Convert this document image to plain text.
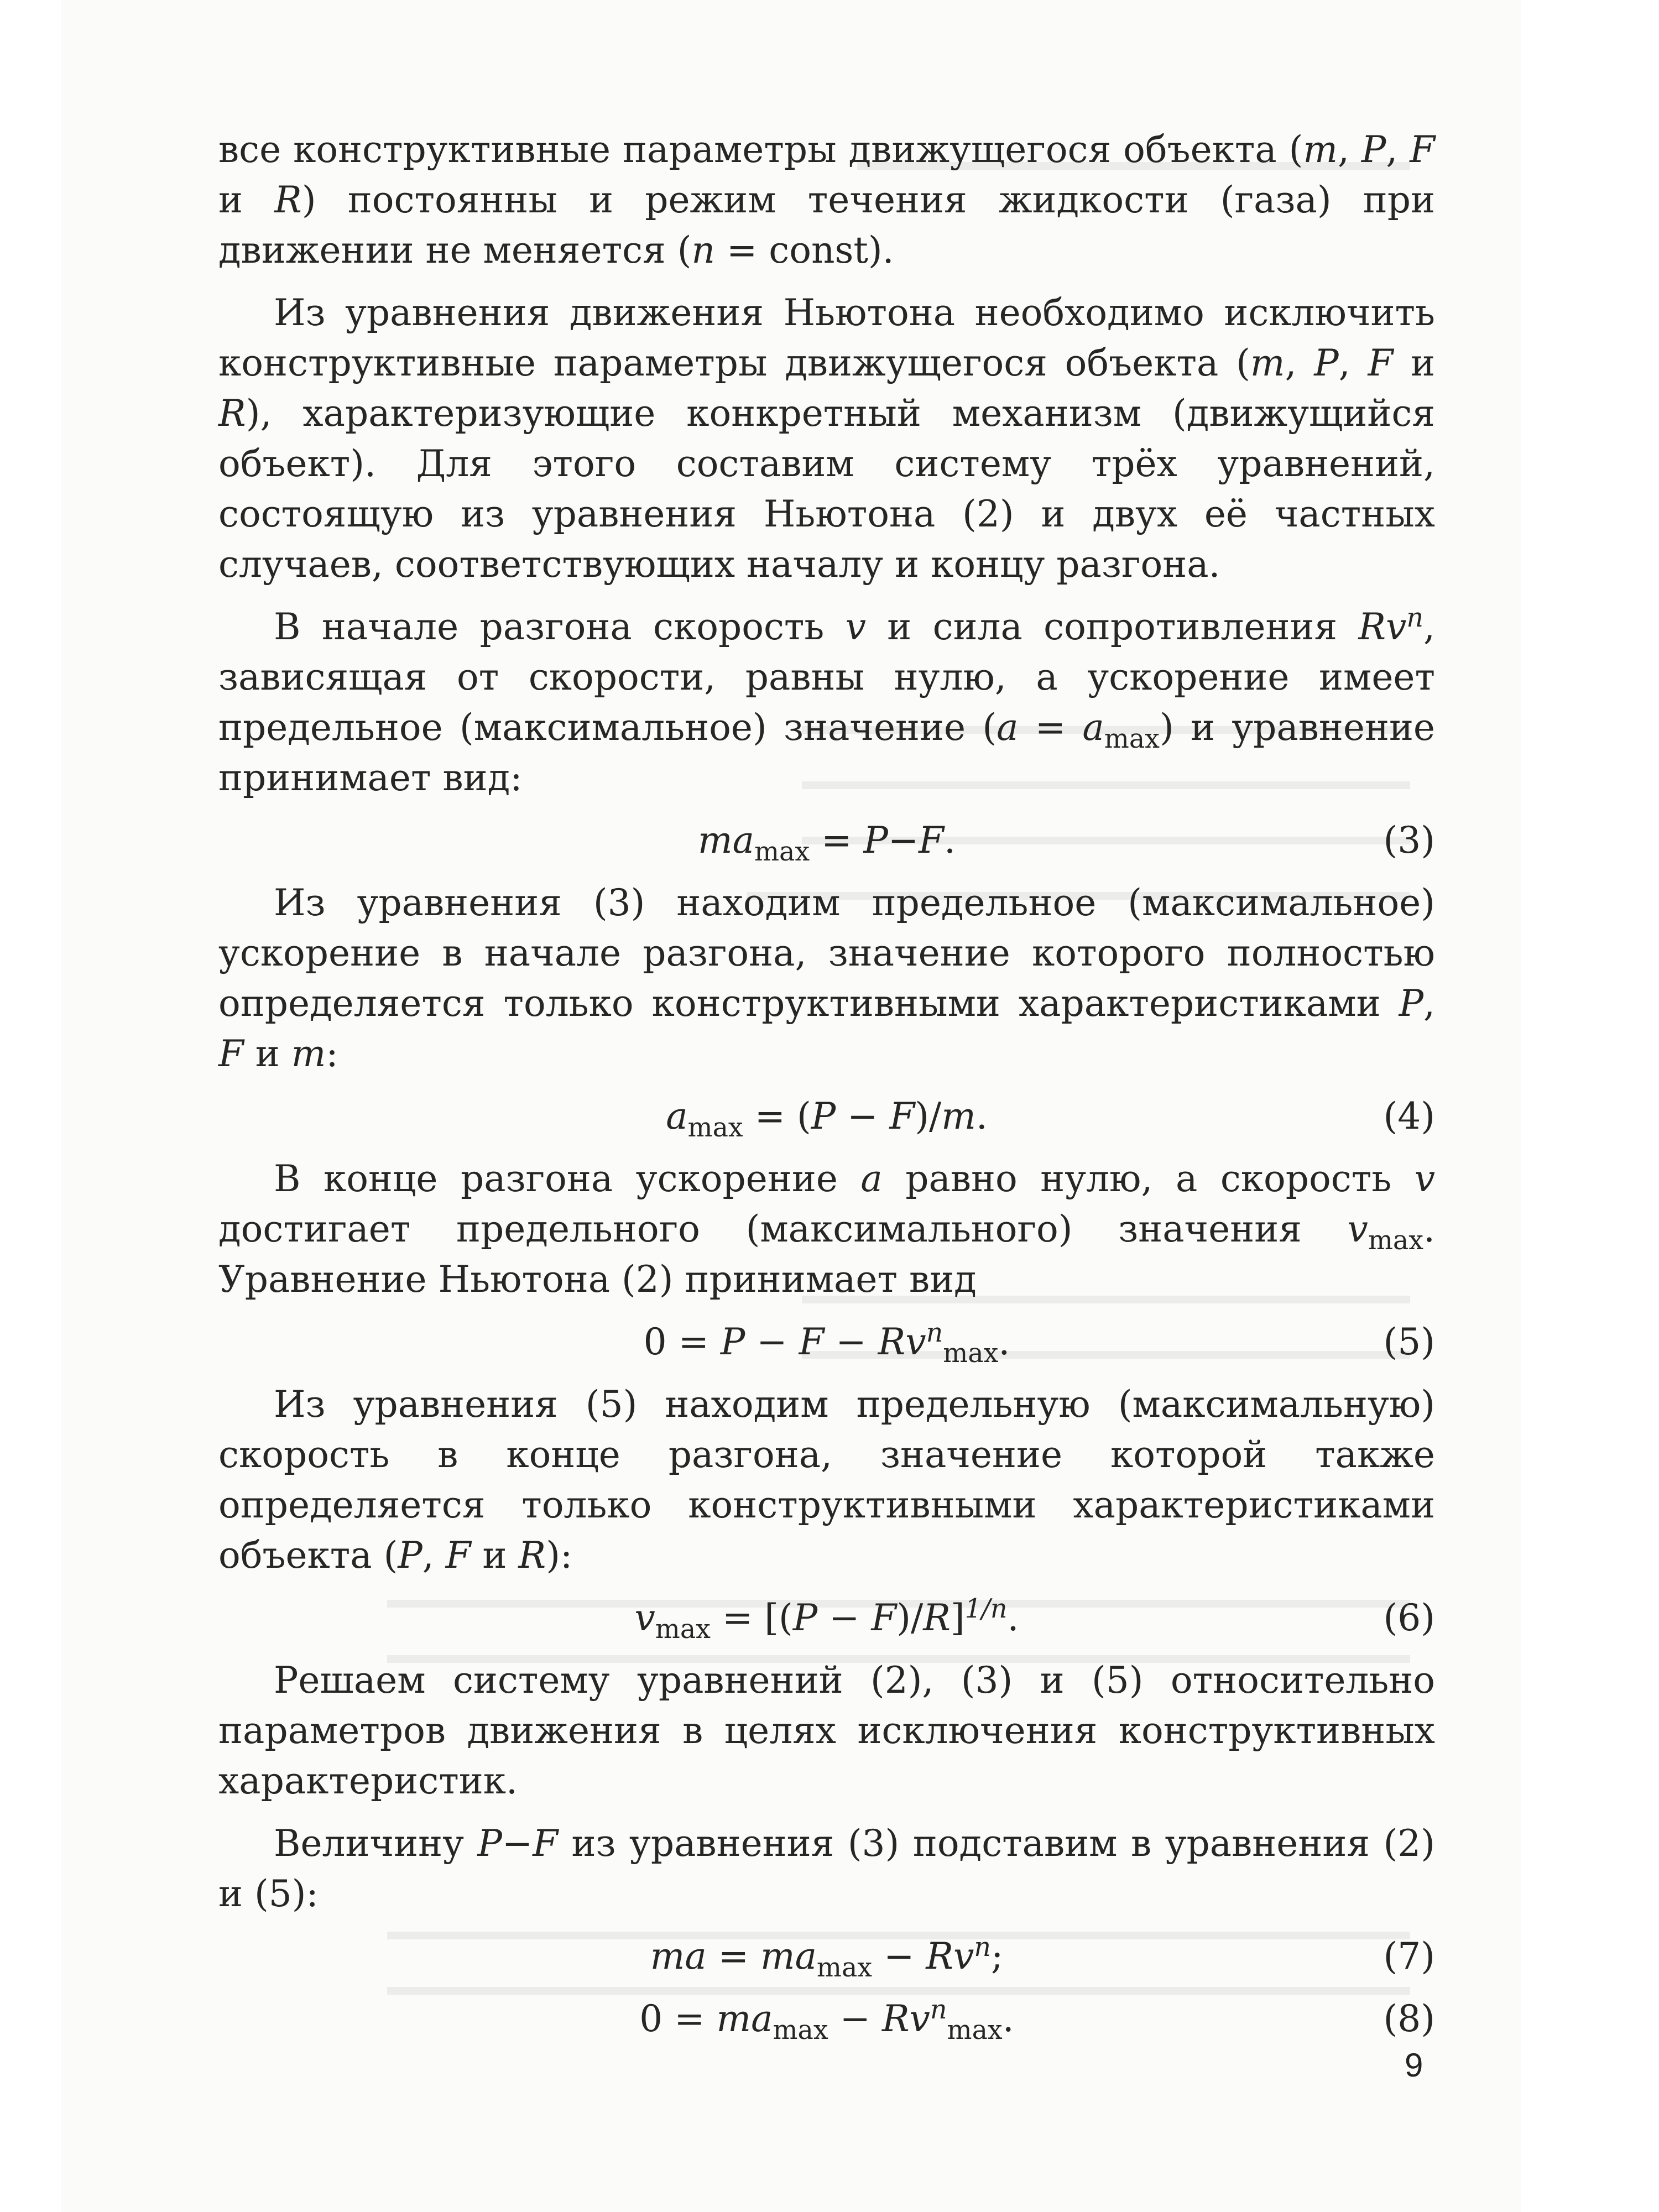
все конструктивные параметры движущегося объекта (m, P, F и R) постоянны и режим течения жидкости (газа) при движении не меняется (n = const).
Из уравнения движения Ньютона необходимо исключить конструктивные параметры движущегося объекта (m, P, F и R), характеризующие конкретный механизм (движущийся объект). Для этого составим систему трёх уравнений, состоящую из уравнения Ньютона (2) и двух её частных случаев, соответствующих началу и концу разгона.
В начале разгона скорость v и сила сопротивления Rv$^n$, зависящая от скорости, равны нулю, а ускорение имеет предельное (максимальное) значение $(a = a_{max})$ и уравнение принимает вид:
$ma_{max} = P-F$.	(3)
Из уравнения (3) находим предельное (максимальное) ускорение в начале разгона, значение которого полностью определяется только конструктивными характеристиками P, F и m:
$a_{max} = (P - F)/m$.	(4)
В конце разгона ускорение a равно нулю, а скорость v достигает предельного (максимального) значения $v_{max}$. Уравнение Ньютона (2) принимает вид
$0 = P - F - Rv^n_{max}$.	(5)
Из уравнения (5) находим предельную (максимальную) скорость в конце разгона, значение которой также определяется только конструктивными характеристиками объекта (P, F и R):
$v_{max} = [(P - F)/R]^{1/n}$.	(6)
Решаем систему уравнений (2), (3) и (5) относительно параметров движения в целях исключения конструктивных характеристик.
Величину P−F из уравнения (3) подставим в уравнения (2) и (5):
ma = $ma_{max} - Rv^n$;	(7)
$0 = ma_{max} - Rv^n_{max}$.	(8)
9
